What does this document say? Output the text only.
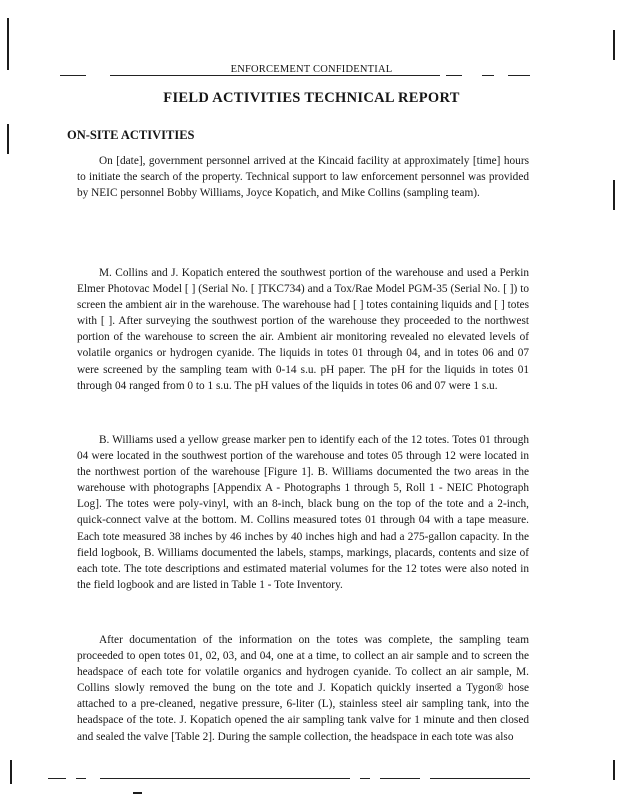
ENFORCEMENT CONFIDENTIAL
FIELD ACTIVITIES TECHNICAL REPORT
ON-SITE ACTIVITIES

On [date], government personnel arrived at the Kincaid facility at approximately [time] hours to initiate the search of the property. Technical support to law enforcement personnel was provided by NEIC personnel Bobby Williams, Joyce Kopatich, and Mike Collins (sampling team).

M. Collins and J. Kopatich entered the southwest portion of the warehouse and used a Perkin Elmer Photovac Model [ ] (Serial No. [ ]TKC734) and a Tox/Rae Model PGM-35 (Serial No. [ ]) to screen the ambient air in the warehouse. The warehouse had [ ] totes containing liquids and [ ] totes with [ ]. After surveying the southwest portion of the warehouse they proceeded to the northwest portion of the warehouse to screen the air. Ambient air monitoring revealed no elevated levels of volatile organics or hydrogen cyanide. The liquids in totes 01 through 04, and in totes 06 and 07 were screened by the sampling team with 0-14 s.u. pH paper. The pH for the liquids in totes 01 through 04 ranged from 0 to 1 s.u. The pH values of the liquids in totes 06 and 07 were 1 s.u.

B. Williams used a yellow grease marker pen to identify each of the 12 totes. Totes 01 through 04 were located in the southwest portion of the warehouse and totes 05 through 12 were located in the northwest portion of the warehouse [Figure 1]. B. Williams documented the two areas in the warehouse with photographs [Appendix A - Photographs 1 through 5, Roll 1 - NEIC Photograph Log]. The totes were poly-vinyl, with an 8-inch, black bung on the top of the tote and a 2-inch, quick-connect valve at the bottom. M. Collins measured totes 01 through 04 with a tape measure. Each tote measured 38 inches by 46 inches by 40 inches high and had a 275-gallon capacity. In the field logbook, B. Williams documented the labels, stamps, markings, placards, contents and size of each tote. The tote descriptions and estimated material volumes for the 12 totes were also noted in the field logbook and are listed in Table 1 - Tote Inventory.

After documentation of the information on the totes was complete, the sampling team proceeded to open totes 01, 02, 03, and 04, one at a time, to collect an air sample and to screen the headspace of each tote for volatile organics and hydrogen cyanide. To collect an air sample, M. Collins slowly removed the bung on the tote and J. Kopatich quickly inserted a Tygon® hose attached to a pre-cleaned, negative pressure, 6-liter (L), stainless steel air sampling tank, into the headspace of the tote. J. Kopatich opened the air sampling tank valve for 1 minute and then closed and sealed the valve [Table 2]. During the sample collection, the headspace in each tote was also
